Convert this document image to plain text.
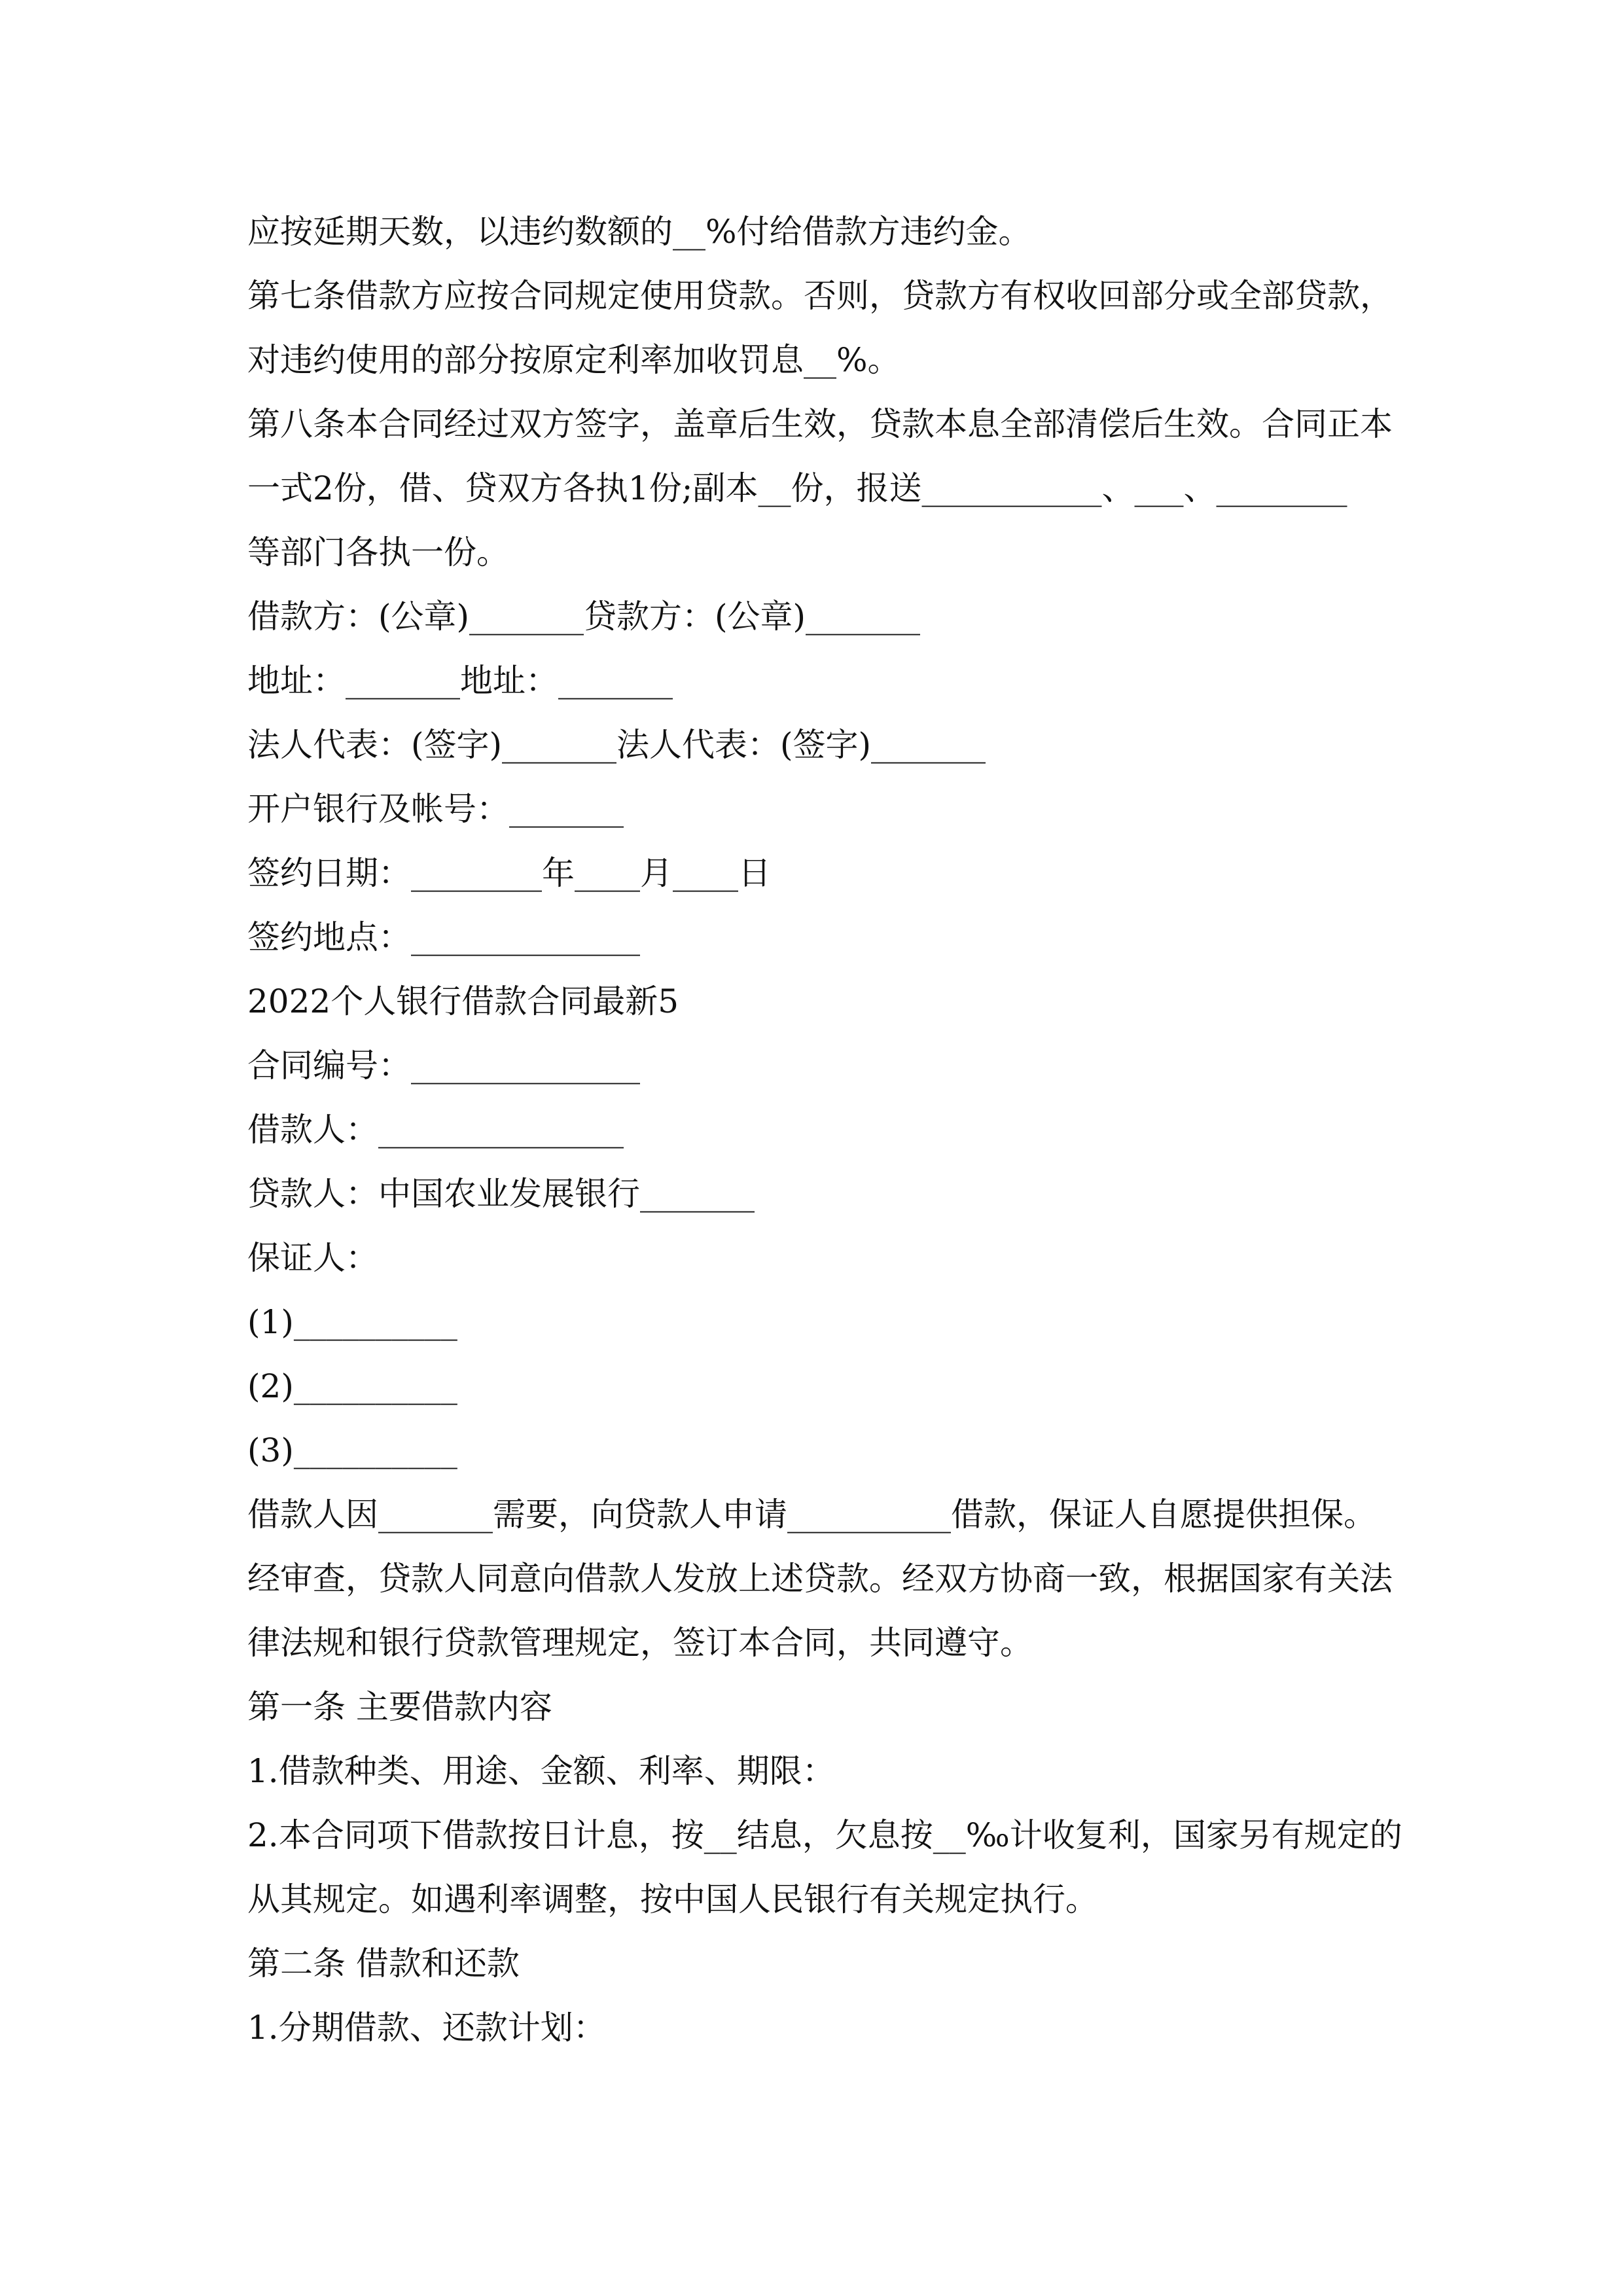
应按延期天数，以违约数额的__%付给借款方违约金。
第七条借款方应按合同规定使用贷款。否则，贷款方有权收回部分或全部贷款，
对违约使用的部分按原定利率加收罚息__%。
第八条本合同经过双方签字，盖章后生效，贷款本息全部清偿后生效。合同正本
一式2份，借、贷双方各执1份;副本__份，报送___________、___、________
等部门各执一份。
借款方：(公章)_______贷款方：(公章)_______
地址：_______地址：_______
法人代表：(签字)_______法人代表：(签字)_______
开户银行及帐号：_______
签约日期：________年____月____日
签约地点：______________
2022个人银行借款合同最新5
合同编号：______________
借款人：_______________
贷款人：中国农业发展银行_______
保证人：
(1)__________
(2)__________
(3)__________
借款人因_______需要，向贷款人申请__________借款，保证人自愿提供担保。
经审查，贷款人同意向借款人发放上述贷款。经双方协商一致，根据国家有关法
律法规和银行贷款管理规定，签订本合同，共同遵守。
第一条 主要借款内容
1.借款种类、用途、金额、利率、期限：
2.本合同项下借款按日计息，按__结息，欠息按__‰计收复利，国家另有规定的
从其规定。如遇利率调整，按中国人民银行有关规定执行。
第二条 借款和还款
1.分期借款、还款计划：
